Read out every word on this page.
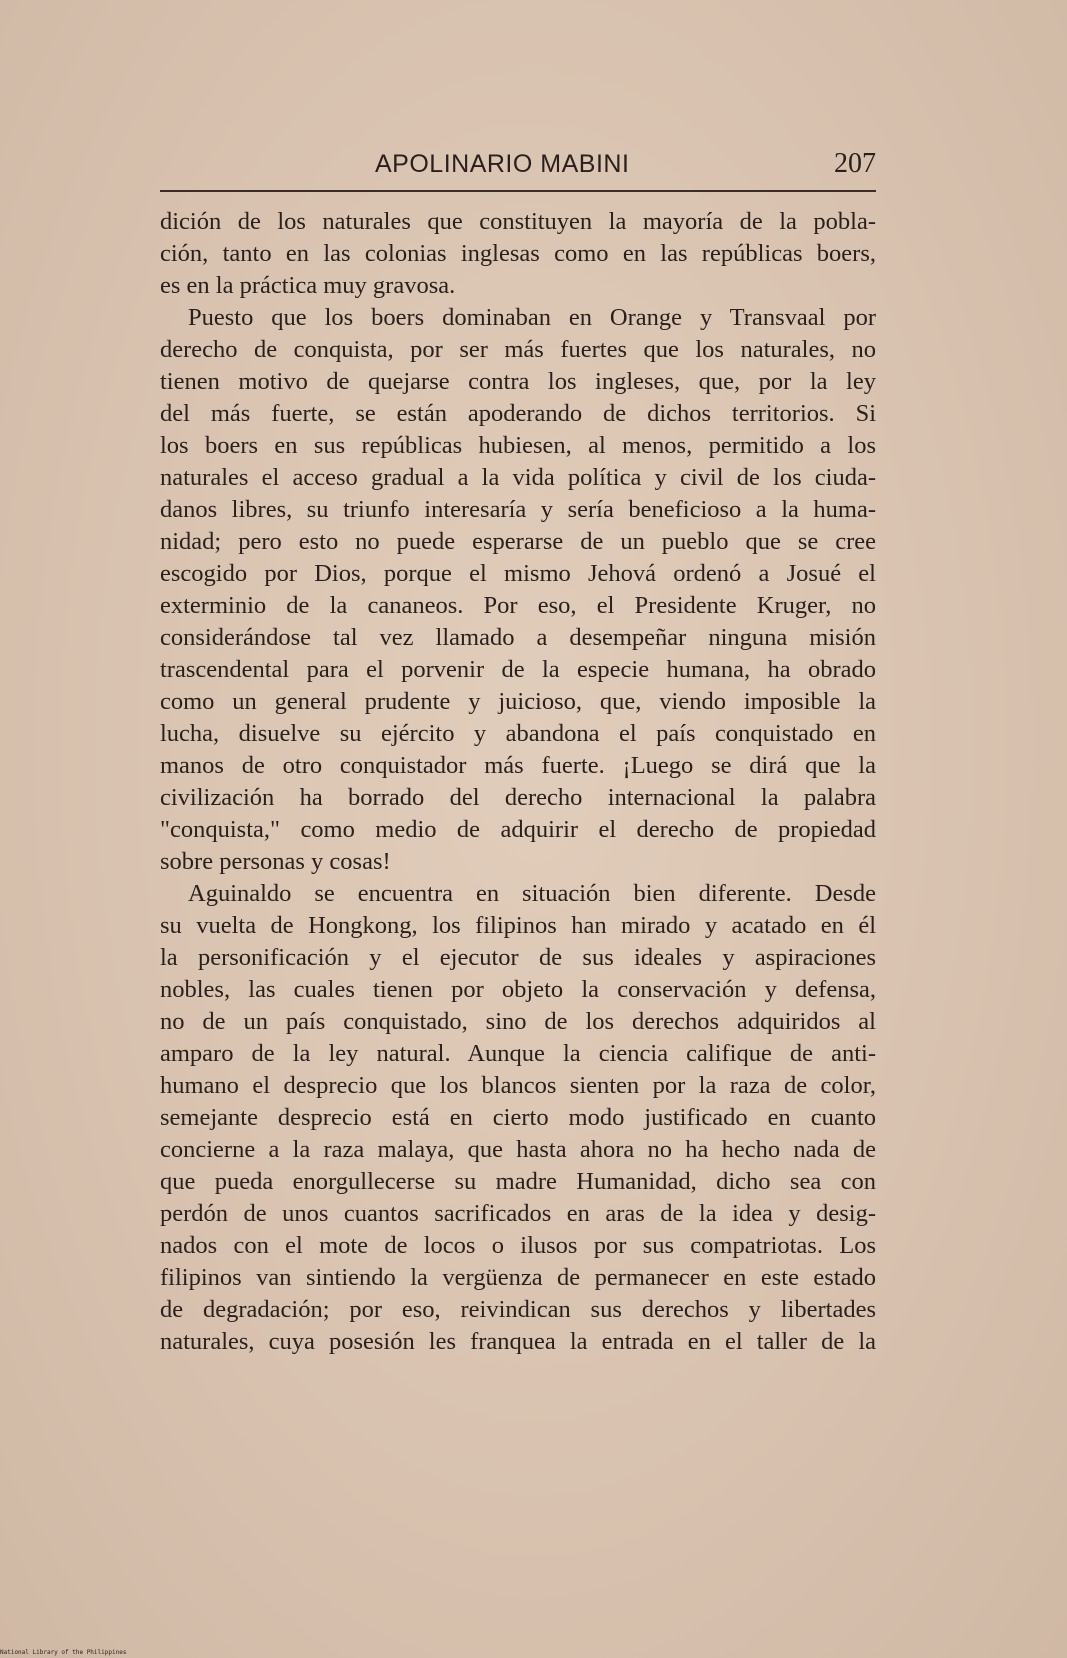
APOLINARIO MABINI	207
dición de los naturales que constituyen la mayoría de la pobla-
ción, tanto en las colonias inglesas como en las repúblicas boers,
es en la práctica muy gravosa.
Puesto que los boers dominaban en Orange y Transvaal por
derecho de conquista, por ser más fuertes que los naturales, no
tienen motivo de quejarse contra los ingleses, que, por la ley
del más fuerte, se están apoderando de dichos territorios. Si
los boers en sus repúblicas hubiesen, al menos, permitido a los
naturales el acceso gradual a la vida política y civil de los ciuda-
danos libres, su triunfo interesaría y sería beneficioso a la huma-
nidad; pero esto no puede esperarse de un pueblo que se cree
escogido por Dios, porque el mismo Jehová ordenó a Josué el
exterminio de la cananeos. Por eso, el Presidente Kruger, no
considerándose tal vez llamado a desempeñar ninguna misión
trascendental para el porvenir de la especie humana, ha obrado
como un general prudente y juicioso, que, viendo imposible la
lucha, disuelve su ejército y abandona el país conquistado en
manos de otro conquistador más fuerte. ¡Luego se dirá que la
civilización ha borrado del derecho internacional la palabra
"conquista," como medio de adquirir el derecho de propiedad
sobre personas y cosas!
Aguinaldo se encuentra en situación bien diferente. Desde
su vuelta de Hongkong, los filipinos han mirado y acatado en él
la personificación y el ejecutor de sus ideales y aspiraciones
nobles, las cuales tienen por objeto la conservación y defensa,
no de un país conquistado, sino de los derechos adquiridos al
amparo de la ley natural. Aunque la ciencia califique de anti-
humano el desprecio que los blancos sienten por la raza de color,
semejante desprecio está en cierto modo justificado en cuanto
concierne a la raza malaya, que hasta ahora no ha hecho nada de
que pueda enorgullecerse su madre Humanidad, dicho sea con
perdón de unos cuantos sacrificados en aras de la idea y desig-
nados con el mote de locos o ilusos por sus compatriotas. Los
filipinos van sintiendo la vergüenza de permanecer en este estado
de degradación; por eso, reivindican sus derechos y libertades
naturales, cuya posesión les franquea la entrada en el taller de la
National Library of the Philippines
